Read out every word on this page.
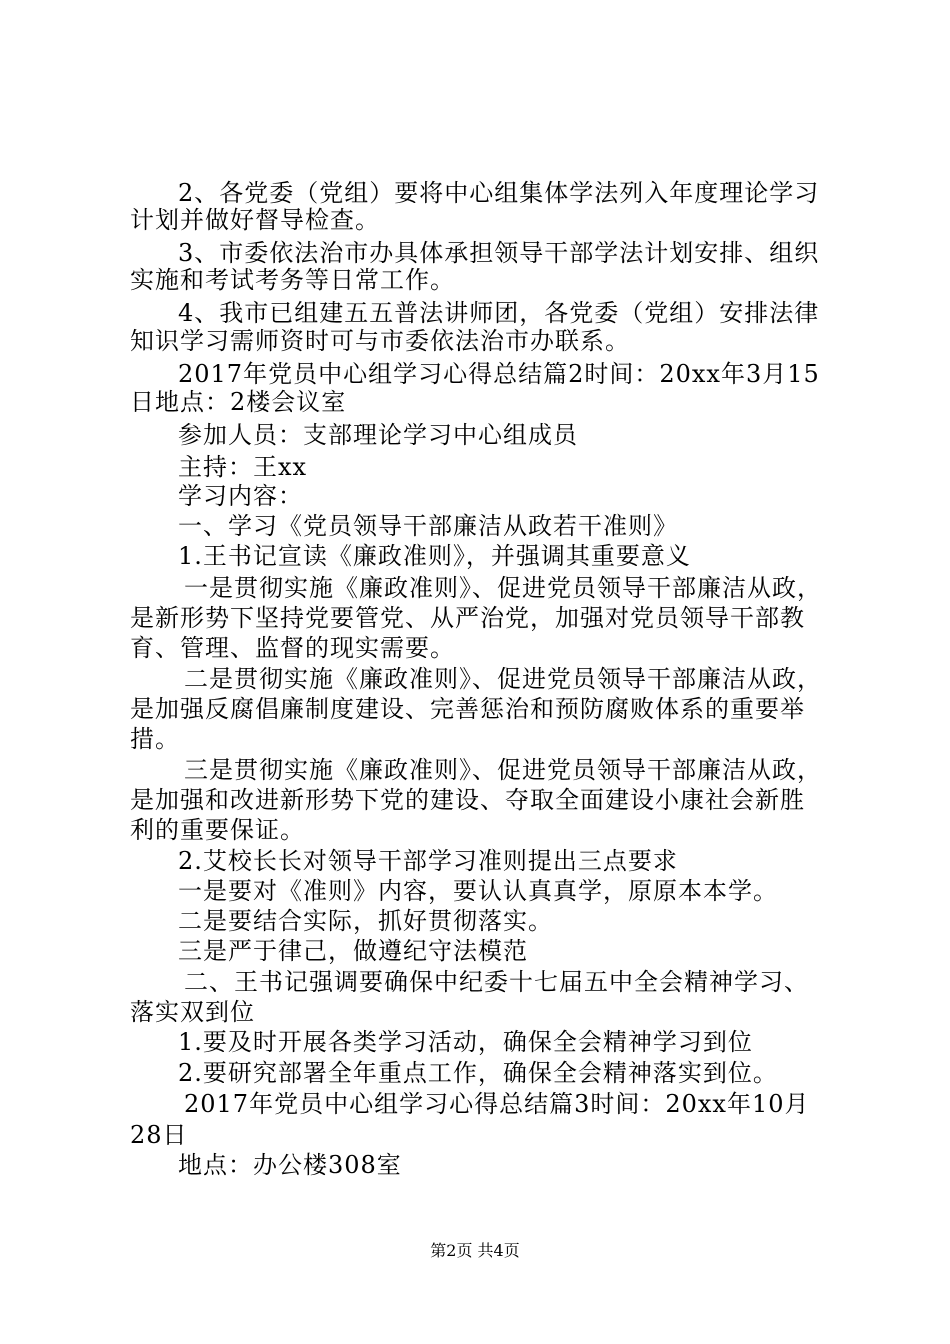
2、各党委（党组）要将中心组集体学法列入年度理论学习
计划并做好督导检查。
3、市委依法治市办具体承担领导干部学法计划安排、组织
实施和考试考务等日常工作。
4、我市已组建五五普法讲师团，各党委（党组）安排法律
知识学习需师资时可与市委依法治市办联系。
2017年党员中心组学习心得总结篇2时间：20xx年3月15
日地点：2楼会议室
参加人员：支部理论学习中心组成员
主持：王xx
学习内容：
一、学习《党员领导干部廉洁从政若干准则》
1.王书记宣读《廉政准则》，并强调其重要意义
一是贯彻实施《廉政准则》、促进党员领导干部廉洁从政，
是新形势下坚持党要管党、从严治党，加强对党员领导干部教
育、管理、监督的现实需要。
二是贯彻实施《廉政准则》、促进党员领导干部廉洁从政，
是加强反腐倡廉制度建设、完善惩治和预防腐败体系的重要举
措。
三是贯彻实施《廉政准则》、促进党员领导干部廉洁从政，
是加强和改进新形势下党的建设、夺取全面建设小康社会新胜
利的重要保证。
2.艾校长长对领导干部学习准则提出三点要求
一是要对《准则》内容，要认认真真学，原原本本学。
二是要结合实际，抓好贯彻落实。
三是严于律己，做遵纪守法模范
二、王书记强调要确保中纪委十七届五中全会精神学习、
落实双到位
1.要及时开展各类学习活动，确保全会精神学习到位
2.要研究部署全年重点工作，确保全会精神落实到位。
2017年党员中心组学习心得总结篇3时间：20xx年10月
28日
地点：办公楼308室
第2页 共4页
